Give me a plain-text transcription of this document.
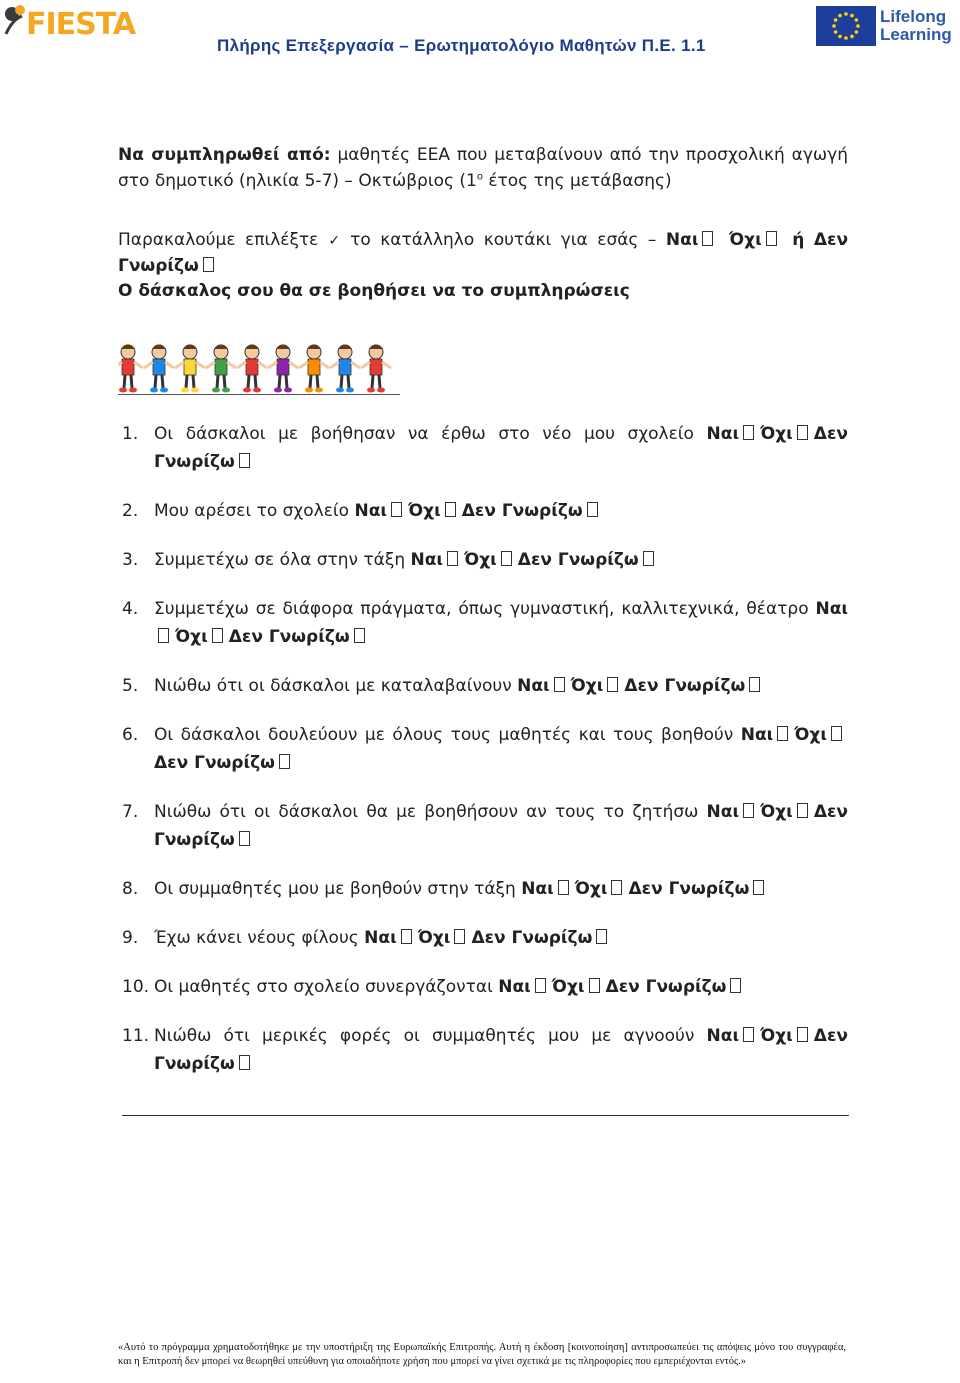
FIESTA	Lifelong
Learning
Πλήρης Επεξεργασία – Ερωτηματολόγιο Μαθητών Π.Ε. 1.1

Να συμπληρωθεί από: μαθητές ΕΕΑ που μεταβαίνουν από την προσχολική αγωγή στο δημοτικό (ηλικία 5-7) – Οκτώβριος ($1^o$ έτος της μετάβασης)

Παρακαλούμε επιλέξτε ✓ το κατάλληλο κουτάκι για εσάς – Ναι Όχι ή Δεν Γνωρίζω

Ο δάσκαλος σου θα σε βοηθήσει να το συμπληρώσεις

1. Οι δάσκαλοι με βοήθησαν να έρθω στο νέο μου σχολείο Ναι Όχι Δεν Γνωρίζω
2. Μου αρέσει το σχολείο Ναι Όχι Δεν Γνωρίζω
3. Συμμετέχω σε όλα στην τάξη Ναι Όχι Δεν Γνωρίζω
4. Συμμετέχω σε διάφορα πράγματα, όπως γυμναστική, καλλιτεχνικά, θέατρο ΝαιΌχι Δεν Γνωρίζω
5. Νιώθω ότι οι δάσκαλοι με καταλαβαίνουν Ναι Όχι Δεν Γνωρίζω
6. Οι δάσκαλοι δουλεύουν με όλους τους μαθητές και τους βοηθούν Ναι ΌχιΔεν Γνωρίζω
7. Νιώθω ότι οι δάσκαλοι θα με βοηθήσουν αν τους το ζητήσω Ναι Όχι Δεν Γνωρίζω
8. Οι συμμαθητές μου με βοηθούν στην τάξη Ναι Όχι Δεν Γνωρίζω
9. Έχω κάνει νέους φίλους Ναι Όχι Δεν Γνωρίζω
10. Οι μαθητές στο σχολείο συνεργάζονται Ναι Όχι Δεν Γνωρίζω
11. Νιώθω ότι μερικές φορές οι συμμαθητές μου με αγνοούν Ναι Όχι Δεν Γνωρίζω
«Αυτό το πρόγραμμα χρηματοδοτήθηκε με την υποστήριξη της Ευρωπαϊκής Επιτροπής. Αυτή η έκδοση [κοινοποίηση] αντιπροσωπεύει τις απόψεις μόνο του συγγραφέα, και η Επιτροπή δεν μπορεί να θεωρηθεί υπεύθυνη για οποιαδήποτε χρήση που μπορεί να γίνει σχετικά με τις πληροφορίες που εμπεριέχονται εντός.»
